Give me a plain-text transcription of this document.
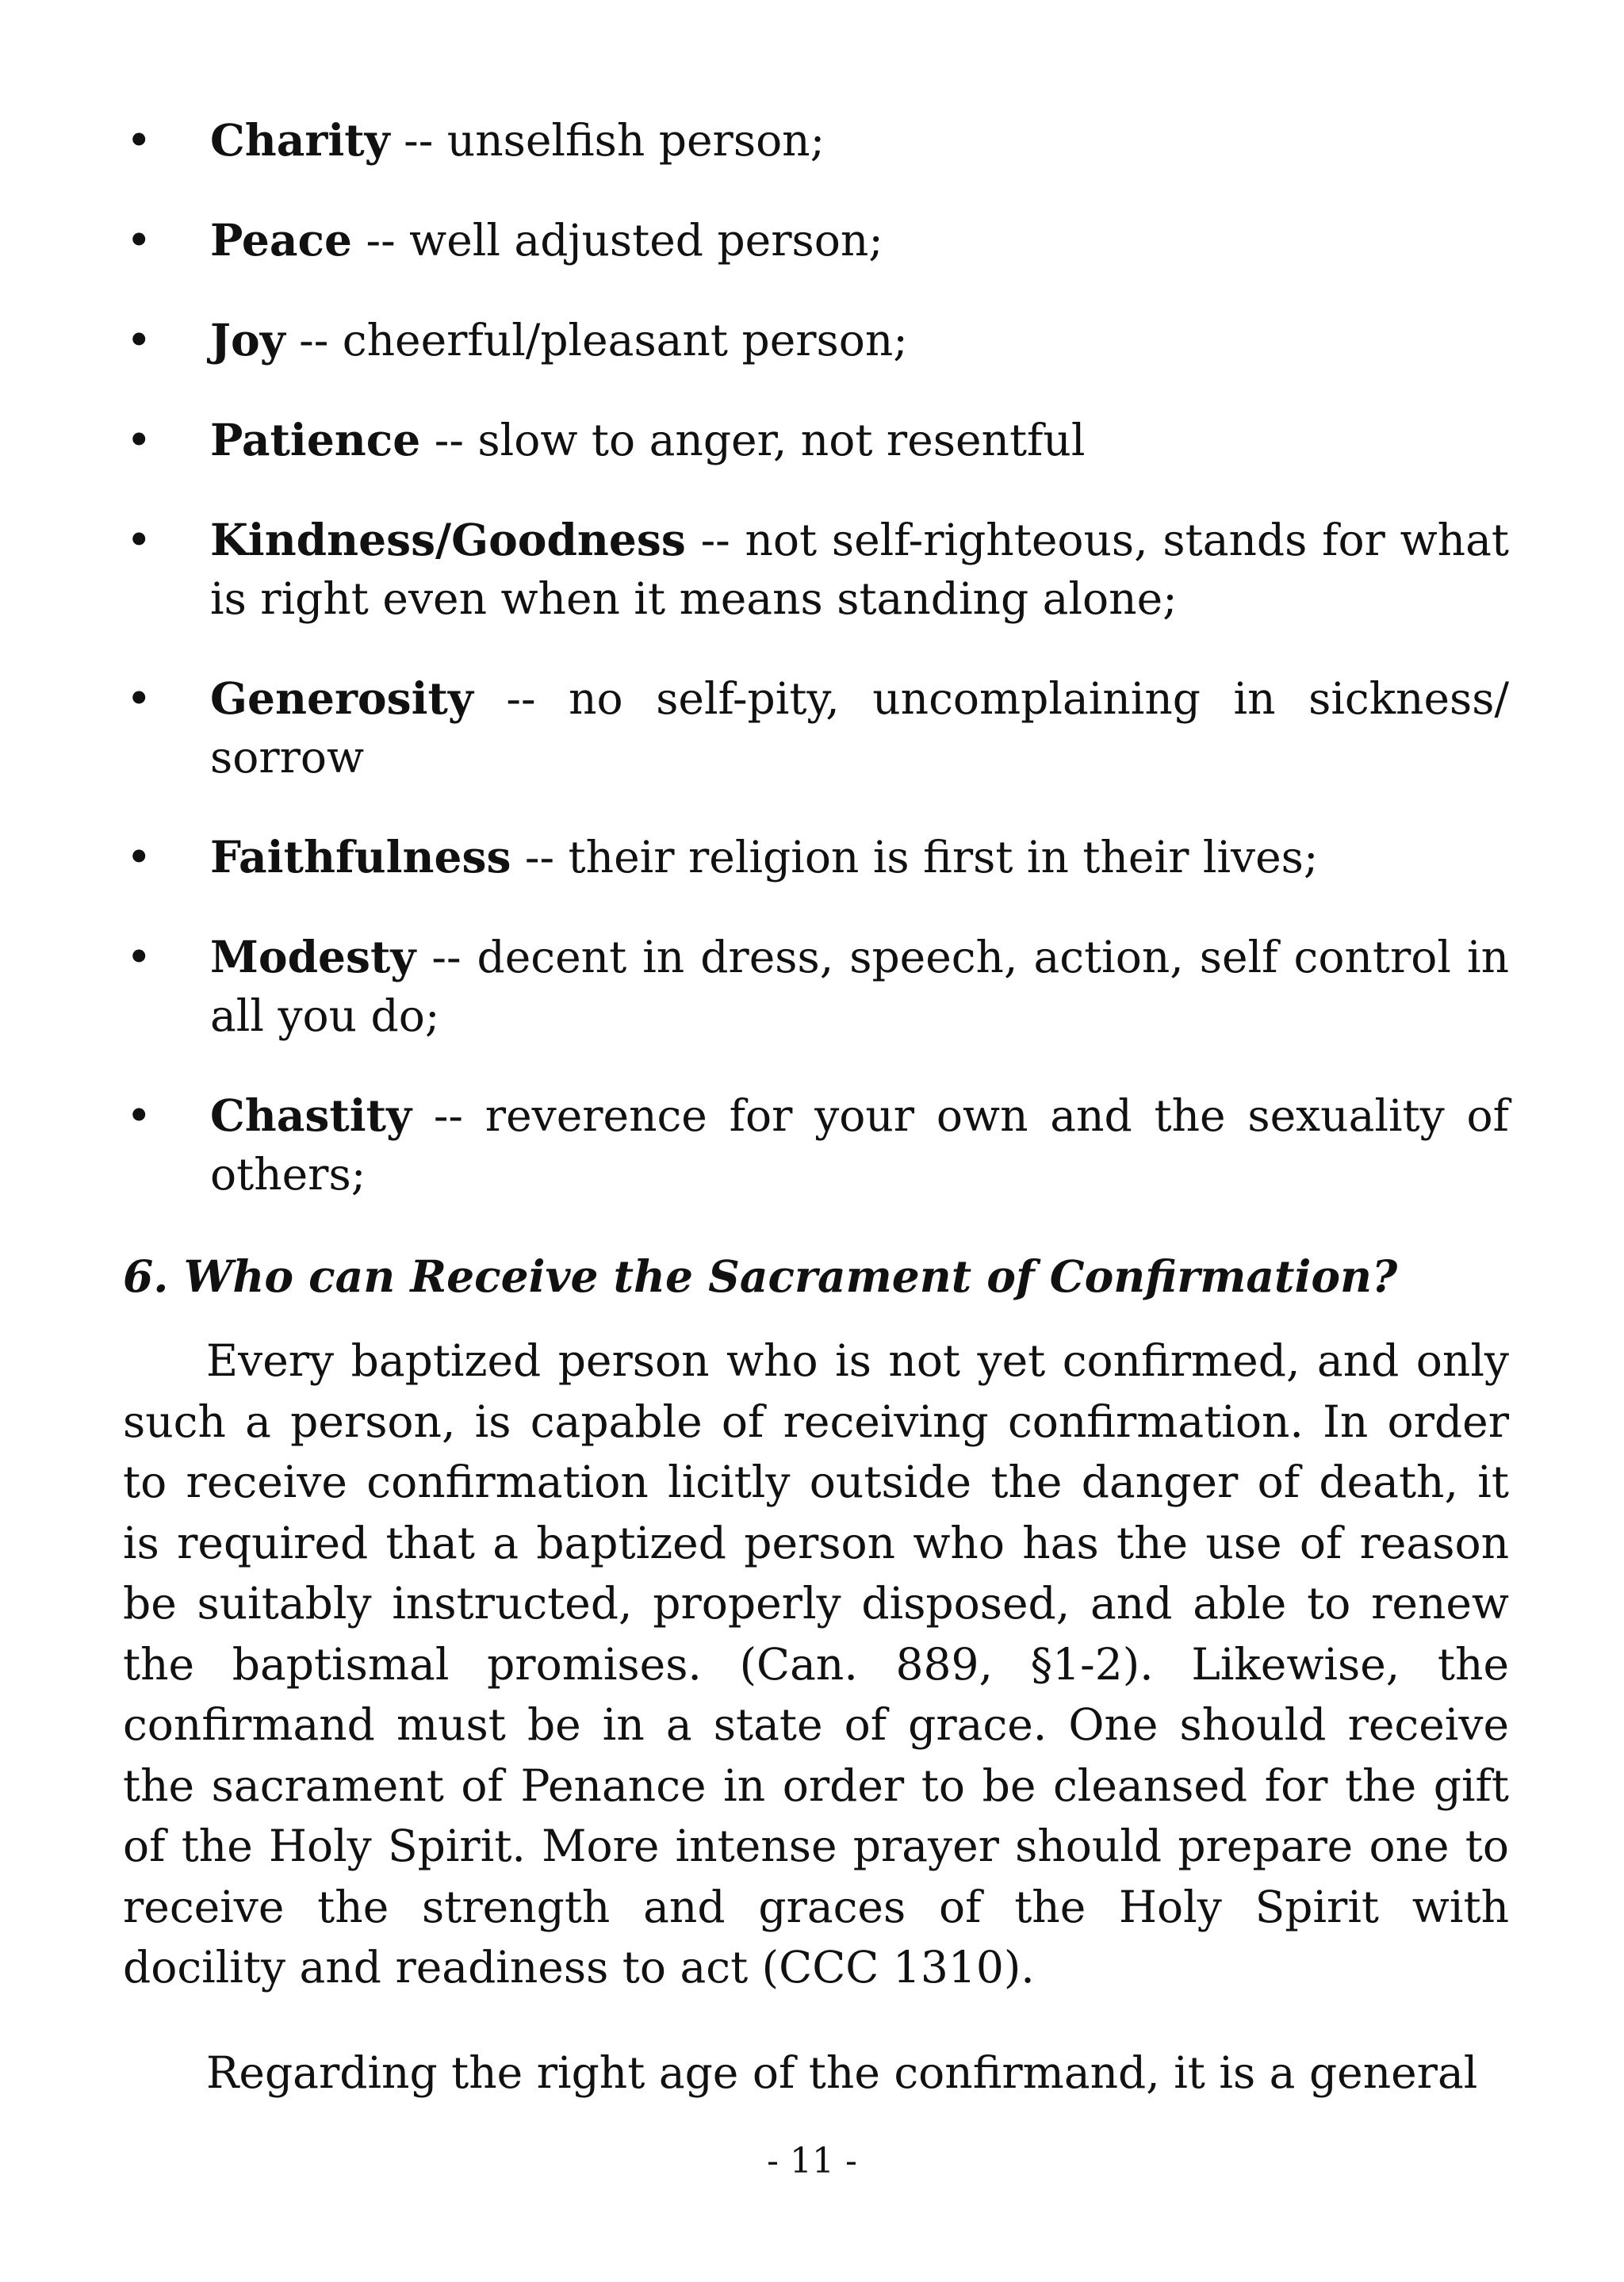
• Charity -- unselfish person;
• Peace -- well adjusted person;
• Joy -- cheerful/pleasant person;
• Patience -- slow to anger, not resentful
• Kindness/Goodness -- not self-righteous, stands for what is right even when it means standing alone;
• Generosity -- no self-pity, uncomplaining in sickness/ sorrow
• Faithfulness -- their religion is first in their lives;
• Modesty -- decent in dress, speech, action, self control in all you do;
• Chastity -- reverence for your own and the sexuality of others;
6. Who can Receive the Sacrament of Confirmation?

Every baptized person who is not yet confirmed, and only such a person, is capable of receiving confirmation. In order to receive confirmation licitly outside the danger of death, it is required that a baptized person who has the use of reason be suitably instructed, properly disposed, and able to renew the baptismal promises. (Can. 889, §1-2). Likewise, the confirmand must be in a state of grace. One should receive the sacrament of Penance in order to be cleansed for the gift of the Holy Spirit. More intense prayer should prepare one to receive the strength and graces of the Holy Spirit with docility and readiness to act (CCC 1310).

Regarding the right age of the confirmand, it is a general

- 11 -
